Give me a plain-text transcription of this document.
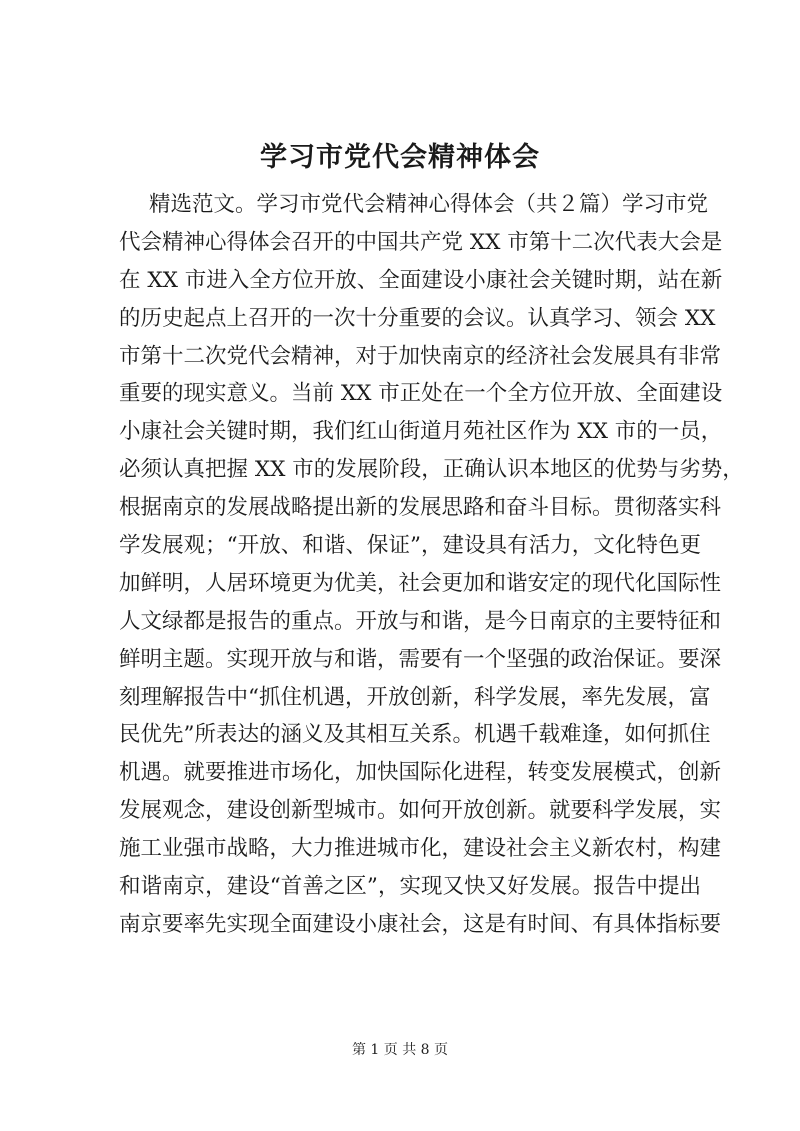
学习市党代会精神体会
精选范文。学习市党代会精神心得体会（共２篇）学习市党
代会精神心得体会召开的中国共产党 XX 市第十二次代表大会是
在 XX 市进入全方位开放、全面建设小康社会关键时期，站在新
的历史起点上召开的一次十分重要的会议。认真学习、领会 XX
市第十二次党代会精神，对于加快南京的经济社会发展具有非常
重要的现实意义。当前 XX 市正处在一个全方位开放、全面建设
小康社会关键时期，我们红山街道月苑社区作为 XX 市的一员，
必须认真把握 XX 市的发展阶段，正确认识本地区的优势与劣势，
根据南京的发展战略提出新的发展思路和奋斗目标。贯彻落实科
学发展观；“开放、和谐、保证”，建设具有活力，文化特色更
加鲜明，人居环境更为优美，社会更加和谐安定的现代化国际性
人文绿都是报告的重点。开放与和谐，是今日南京的主要特征和
鲜明主题。实现开放与和谐，需要有一个坚强的政治保证。要深
刻理解报告中“抓住机遇，开放创新，科学发展，率先发展，富
民优先”所表达的涵义及其相互关系。机遇千载难逢，如何抓住
机遇。就要推进市场化，加快国际化进程，转变发展模式，创新
发展观念，建设创新型城市。如何开放创新。就要科学发展，实
施工业强市战略，大力推进城市化，建设社会主义新农村，构建
和谐南京，建设“首善之区”，实现又快又好发展。报告中提出
南京要率先实现全面建设小康社会，这是有时间、有具体指标要
第 1 页 共 8 页
